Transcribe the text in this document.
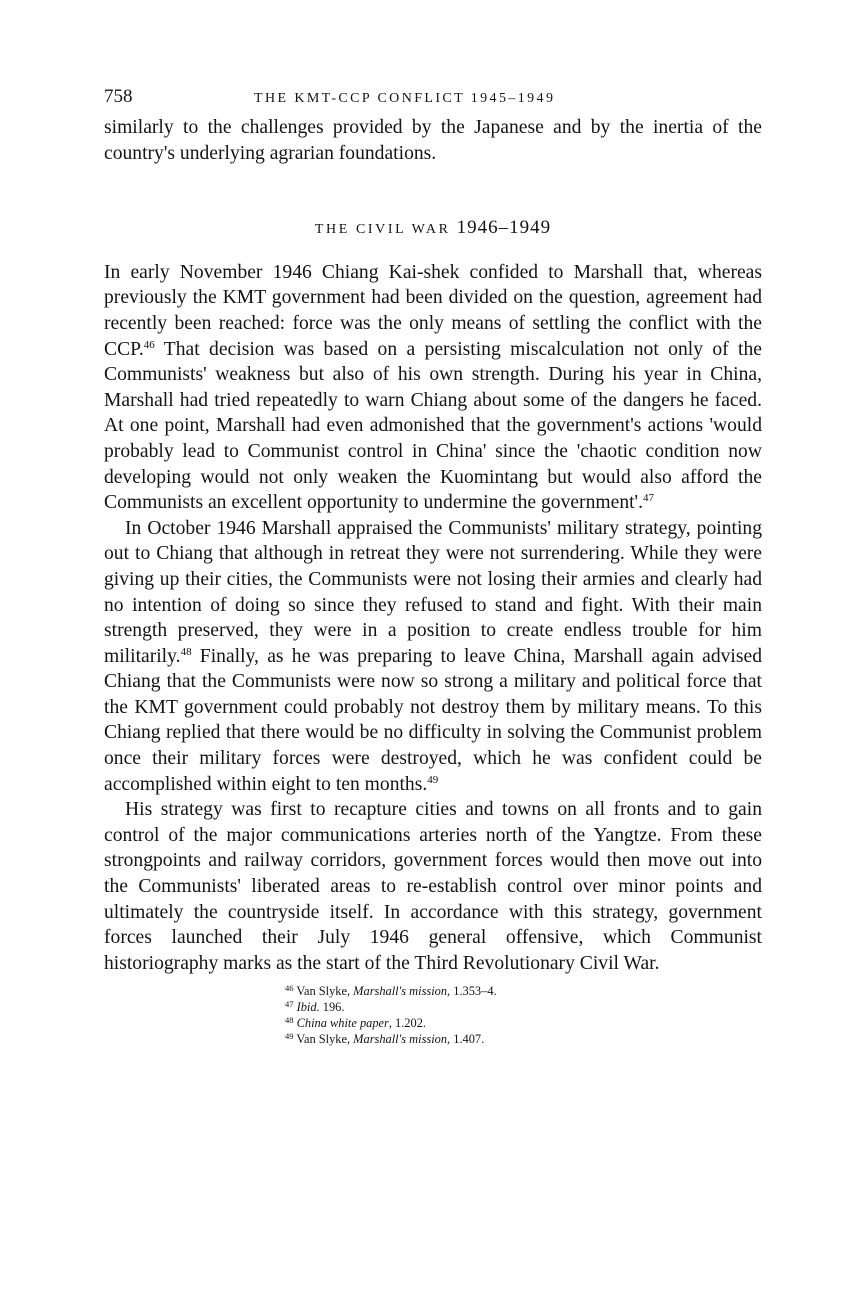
758	THE KMT-CCP CONFLICT 1945–1949

similarly to the challenges provided by the Japanese and by the inertia of the country's underlying agrarian foundations.

THE CIVIL WAR 1946–1949

In early November 1946 Chiang Kai-shek confided to Marshall that, whereas previously the KMT government had been divided on the question, agreement had recently been reached: force was the only means of settling the conflict with the CCP.$^{46}$ That decision was based on a persisting miscalculation not only of the Communists' weakness but also of his own strength. During his year in China, Marshall had tried repeatedly to warn Chiang about some of the dangers he faced. At one point, Marshall had even admonished that the government's actions 'would probably lead to Communist control in China' since the 'chaotic condition now developing would not only weaken the Kuomintang but would also afford the Communists an excellent opportunity to undermine the government'.$^{47}$

In October 1946 Marshall appraised the Communists' military strategy, pointing out to Chiang that although in retreat they were not surrendering. While they were giving up their cities, the Communists were not losing their armies and clearly had no intention of doing so since they refused to stand and fight. With their main strength preserved, they were in a position to create endless trouble for him militarily.$^{48}$ Finally, as he was preparing to leave China, Marshall again advised Chiang that the Communists were now so strong a military and political force that the KMT government could probably not destroy them by military means. To this Chiang replied that there would be no difficulty in solving the Communist problem once their military forces were destroyed, which he was confident could be accomplished within eight to ten months.$^{49}$

His strategy was first to recapture cities and towns on all fronts and to gain control of the major communications arteries north of the Yangtze. From these strongpoints and railway corridors, government forces would then move out into the Communists' liberated areas to re-establish control over minor points and ultimately the countryside itself. In accordance with this strategy, government forces launched their July 1946 general offensive, which Communist historiography marks as the start of the Third Revolutionary Civil War.

$^{46}$ Van Slyke, Marshall's mission, 1.353–4.
$^{47}$ Ibid. 196.
$^{48}$ China white paper, 1.202.
$^{49}$ Van Slyke, Marshall's mission, 1.407.
